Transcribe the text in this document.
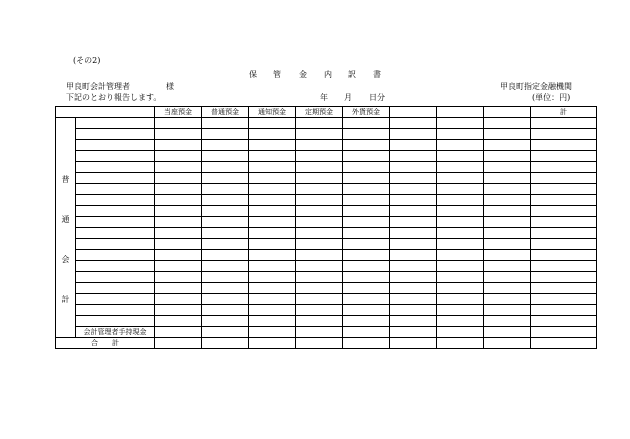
(その2)
保 管 金 内 訳 書
甲良町会計管理者	様
下記のとおり報告します。	年 月 日分
甲良町指定金融機関
(単位：円)
		当座預金	普通預金	通知預金	定期預金	外貨預金				計

普
通
会
計										

	会計管理者手持現金									
合　　計										
